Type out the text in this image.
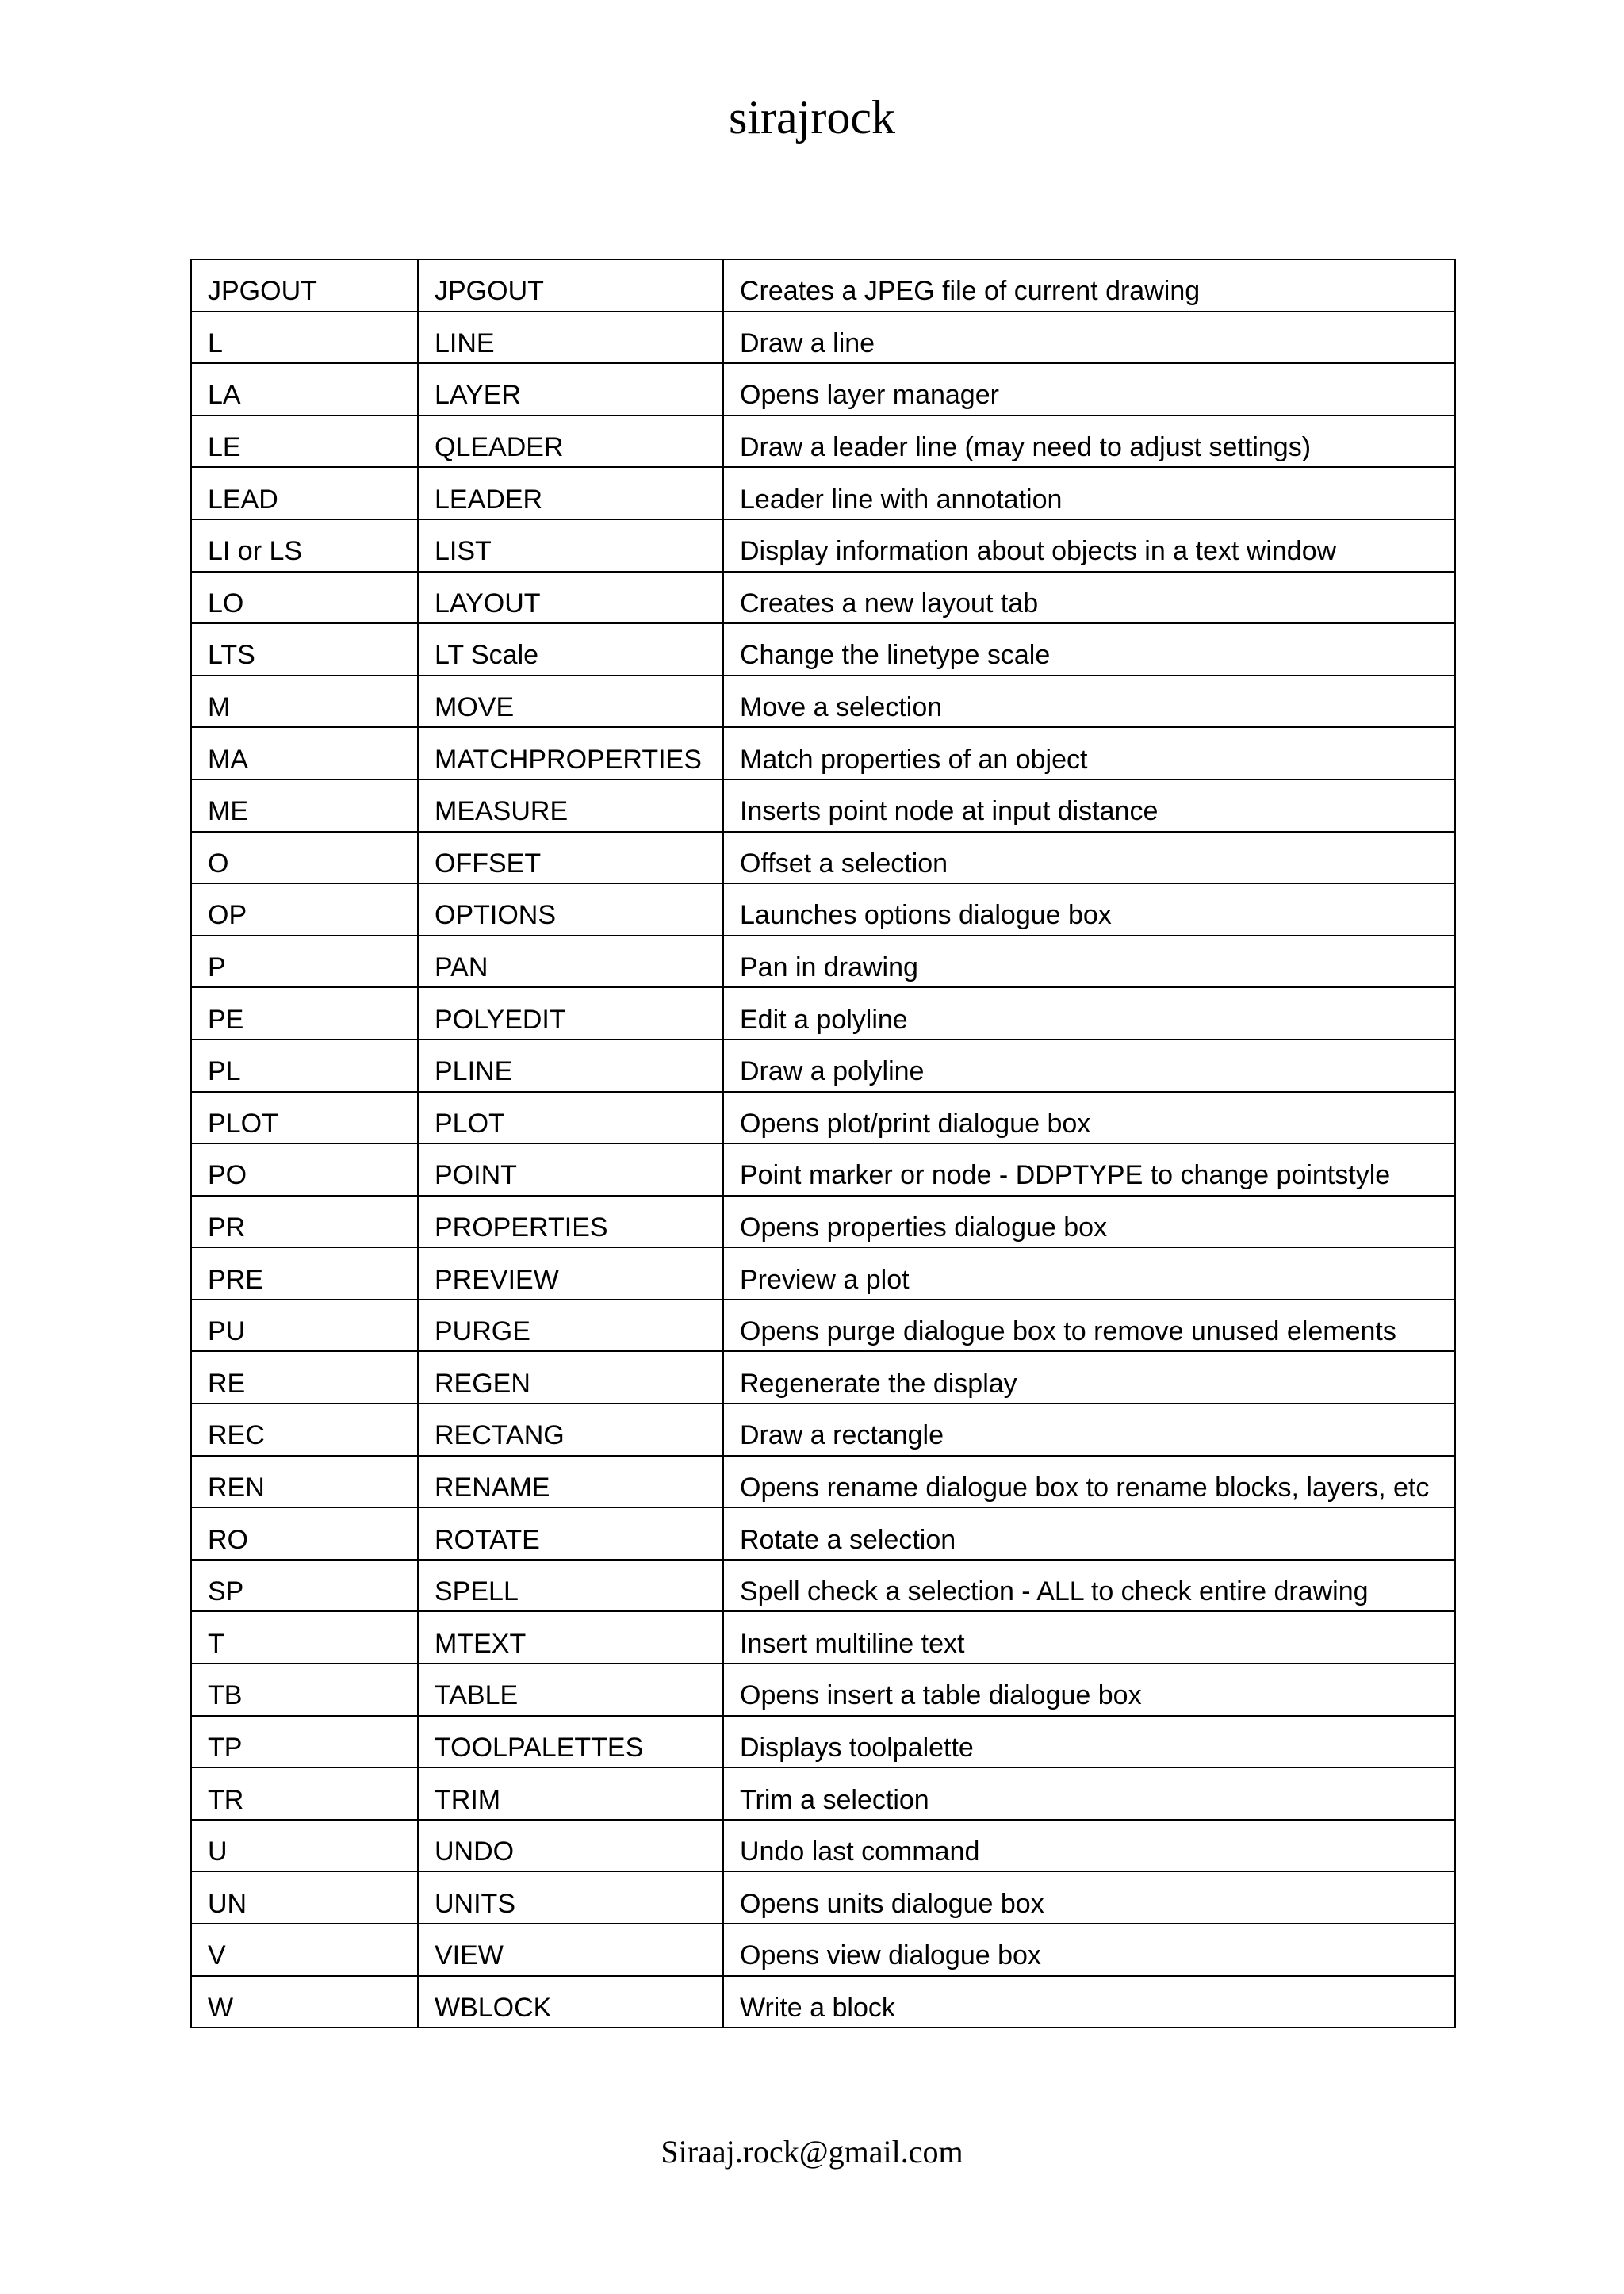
sirajrock
JPGOUT	JPGOUT	Creates a JPEG file of current drawing
L	LINE	Draw a line
LA	LAYER	Opens layer manager
LE	QLEADER	Draw a leader line (may need to adjust settings)
LEAD	LEADER	Leader line with annotation
LI or LS	LIST	Display information about objects in a text window
LO	LAYOUT	Creates a new layout tab
LTS	LT Scale	Change the linetype scale
M	MOVE	Move a selection
MA	MATCHPROPERTIES	Match properties of an object
ME	MEASURE	Inserts point node at input distance
O	OFFSET	Offset a selection
OP	OPTIONS	Launches options dialogue box
P	PAN	Pan in drawing
PE	POLYEDIT	Edit a polyline
PL	PLINE	Draw a polyline
PLOT	PLOT	Opens plot/print dialogue box
PO	POINT	Point marker or node - DDPTYPE to change pointstyle
PR	PROPERTIES	Opens properties dialogue box
PRE	PREVIEW	Preview a plot
PU	PURGE	Opens purge dialogue box to remove unused elements
RE	REGEN	Regenerate the display
REC	RECTANG	Draw a rectangle
REN	RENAME	Opens rename dialogue box to rename blocks, layers, etc
RO	ROTATE	Rotate a selection
SP	SPELL	Spell check a selection - ALL to check entire drawing
T	MTEXT	Insert multiline text
TB	TABLE	Opens insert a table dialogue box
TP	TOOLPALETTES	Displays toolpalette
TR	TRIM	Trim a selection
U	UNDO	Undo last command
UN	UNITS	Opens units dialogue box
V	VIEW	Opens view dialogue box
W	WBLOCK	Write a block
Siraaj.rock@gmail.com
